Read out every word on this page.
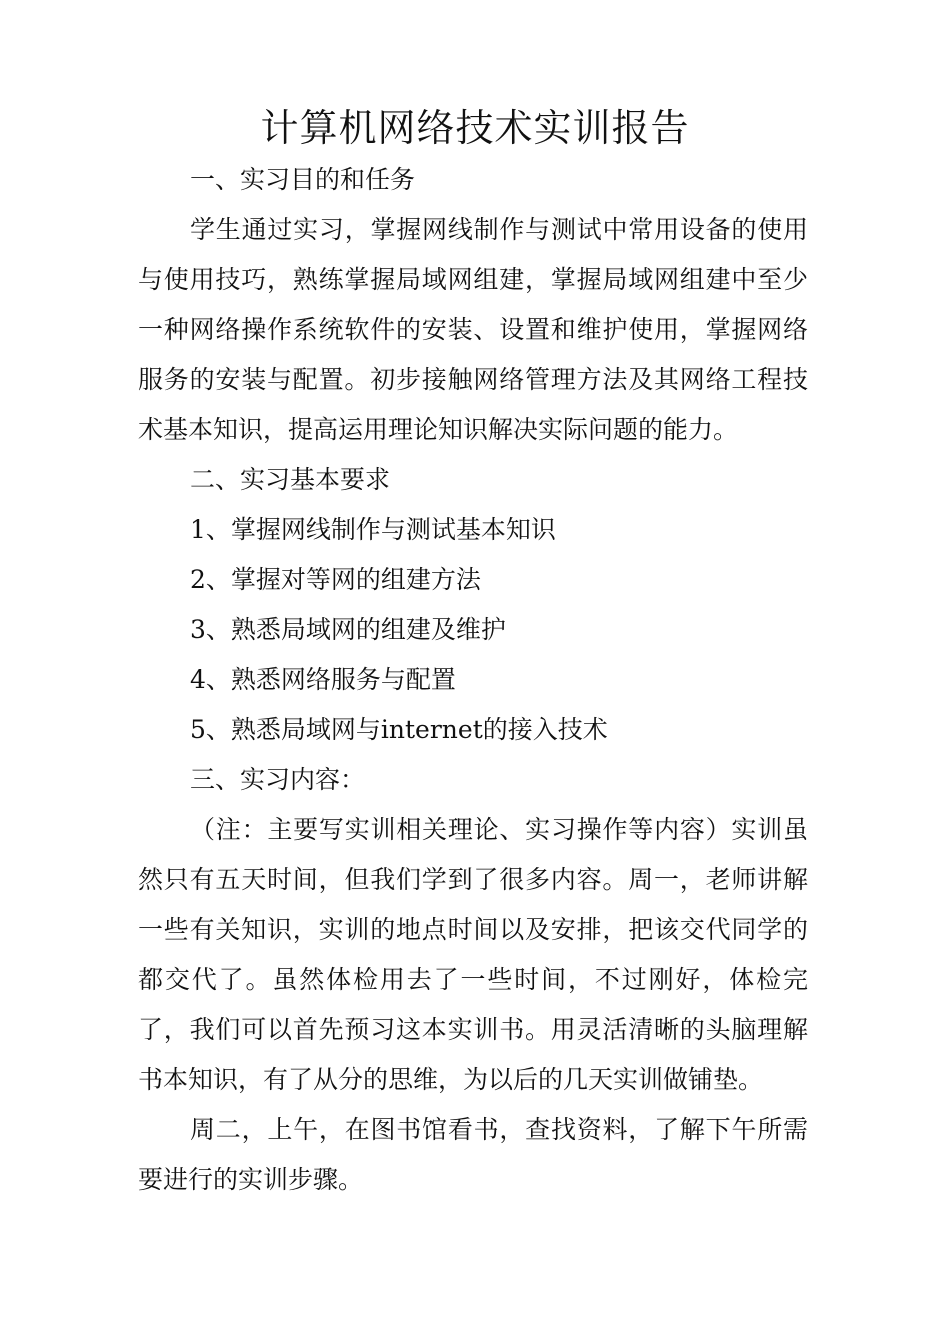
计算机网络技术实训报告

一、实习目的和任务

学生通过实习，掌握网线制作与测试中常用设备的使用与使用技巧，熟练掌握局域网组建，掌握局域网组建中至少一种网络操作系统软件的安装、设置和维护使用，掌握网络服务的安装与配置。初步接触网络管理方法及其网络工程技术基本知识，提高运用理论知识解决实际问题的能力。

二、实习基本要求

1、掌握网线制作与测试基本知识

2、掌握对等网的组建方法

3、熟悉局域网的组建及维护

4、熟悉网络服务与配置

5、熟悉局域网与internet的接入技术

三、实习内容：

（注：主要写实训相关理论、实习操作等内容）实训虽然只有五天时间，但我们学到了很多内容。周一，老师讲解一些有关知识，实训的地点时间以及安排，把该交代同学的都交代了。虽然体检用去了一些时间，不过刚好，体检完了，我们可以首先预习这本实训书。用灵活清晰的头脑理解书本知识，有了从分的思维，为以后的几天实训做铺垫。

周二，上午，在图书馆看书，查找资料，了解下午所需要进行的实训步骤。
